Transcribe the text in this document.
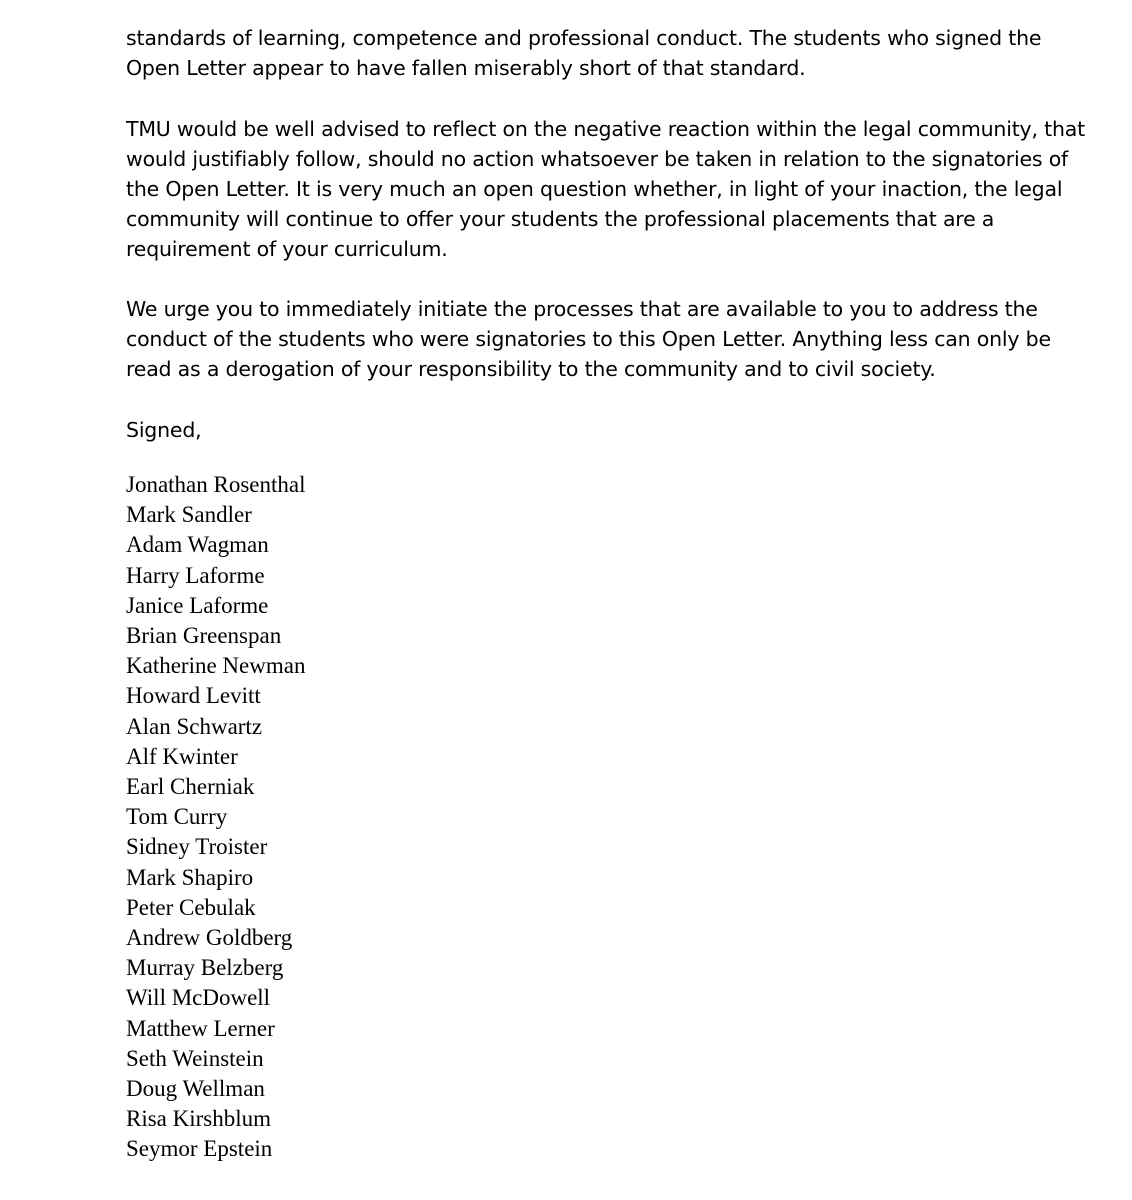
standards of learning, competence and professional conduct. The students who signed the
Open Letter appear to have fallen miserably short of that standard.

TMU would be well advised to reflect on the negative reaction within the legal community, that
would justifiably follow, should no action whatsoever be taken in relation to the signatories of
the Open Letter. It is very much an open question whether, in light of your inaction, the legal
community will continue to offer your students the professional placements that are a
requirement of your curriculum.

We urge you to immediately initiate the processes that are available to you to address the
conduct of the students who were signatories to this Open Letter. Anything less can only be
read as a derogation of your responsibility to the community and to civil society.

Signed,

Jonathan Rosenthal
Mark Sandler
Adam Wagman
Harry Laforme
Janice Laforme
Brian Greenspan
Katherine Newman
Howard Levitt
Alan Schwartz
Alf Kwinter
Earl Cherniak
Tom Curry
Sidney Troister
Mark Shapiro
Peter Cebulak
Andrew Goldberg
Murray Belzberg
Will McDowell
Matthew Lerner
Seth Weinstein
Doug Wellman
Risa Kirshblum
Seymor Epstein
